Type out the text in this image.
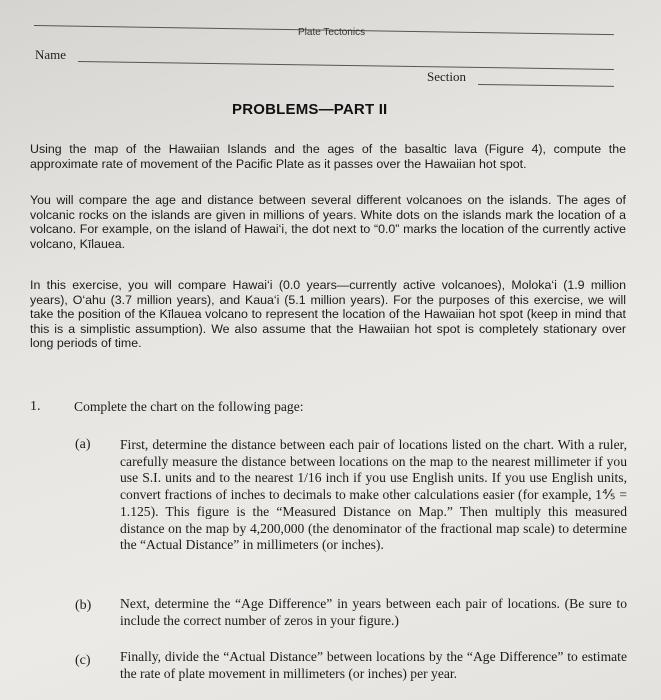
Plate Tectonics
Name
Section
PROBLEMS—PART II
Using the map of the Hawaiian Islands and the ages of the basaltic lava (Figure 4), compute the approximate rate of movement of the Pacific Plate as it passes over the Hawaiian hot spot.
You will compare the age and distance between several different volcanoes on the islands. The ages of volcanic rocks on the islands are given in millions of years. White dots on the islands mark the location of a volcano. For example, on the island of Hawai‘i, the dot next to “0.0” marks the location of the currently active volcano, Kīlauea.
In this exercise, you will compare Hawai‘i (0.0 years—currently active volcanoes), Moloka‘i (1.9 million years), O‘ahu (3.7 million years), and Kaua‘i (5.1 million years). For the purposes of this exercise, we will take the position of the Kīlauea volcano to represent the location of the Hawaiian hot spot (keep in mind that this is a simplistic assumption). We also assume that the Hawaiian hot spot is completely stationary over long periods of time.
1. Complete the chart on the following page:
(a) First, determine the distance between each pair of locations listed on the chart. With a ruler, carefully measure the distance between locations on the map to the nearest millimeter if you use S.I. units and to the nearest 1/16 inch if you use English units. If you use English units, convert fractions of inches to decimals to make other calculations easier (for example, 1⅘ = 1.125). This figure is the “Measured Distance on Map.” Then multiply this measured distance on the map by 4,200,000 (the denominator of the fractional map scale) to determine the “Actual Distance” in millimeters (or inches).
(b) Next, determine the “Age Difference” in years between each pair of locations. (Be sure to include the correct number of zeros in your figure.)
(c) Finally, divide the “Actual Distance” between locations by the “Age Difference” to estimate the rate of plate movement in millimeters (or inches) per year.
